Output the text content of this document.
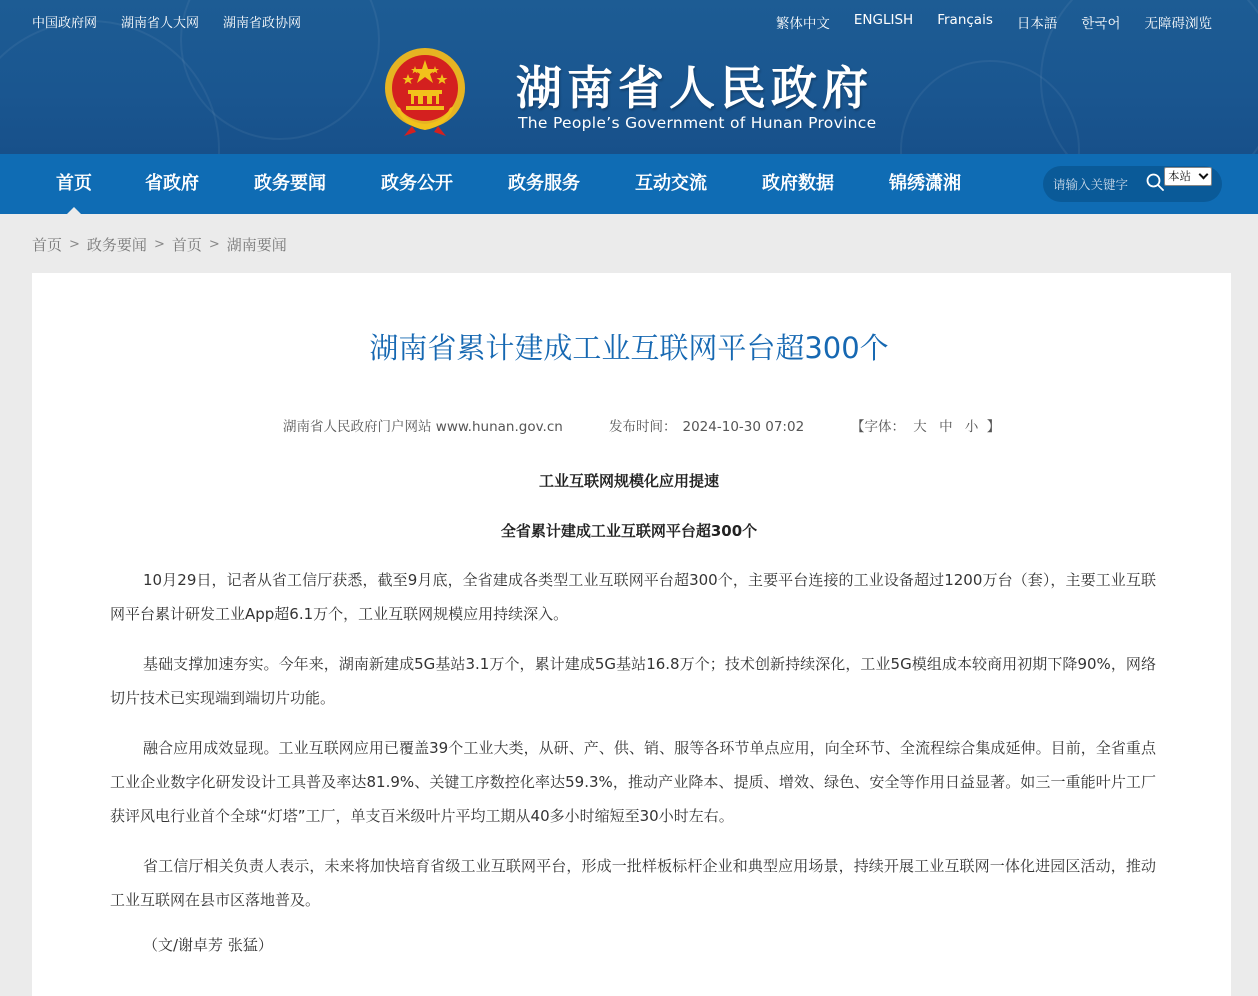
中国政府网 湖南省人大网 湖南省政协网	繁体中文 ENGLISH Français 日本語 한국어 无障碍浏览
湖南省人民政府
The People’s Government of Hunan Province
首页	省政府	政务要闻	政务公开	政务服务	互动交流	政府数据	锦绣潇湘
请输入关键字	本站
首页 > 政务要闻 > 首页 > 湖南要闻
湖南省累计建成工业互联网平台超300个
湖南省人民政府门户网站 www.hunan.gov.cn	发布时间： 2024-10-30 07:02	【字体： 大 中 小 】
工业互联网规模化应用提速
全省累计建成工业互联网平台超300个

10月29日，记者从省工信厅获悉，截至9月底，全省建成各类型工业互联网平台超300个，主要平台连接的工业设备超过1200万台（套），主要工业互联网平台累计研发工业App超6.1万个，工业互联网规模应用持续深入。

基础支撑加速夯实。今年来，湖南新建成5G基站3.1万个，累计建成5G基站16.8万个；技术创新持续深化，工业5G模组成本较商用初期下降90%，网络切片技术已实现端到端切片功能。

融合应用成效显现。工业互联网应用已覆盖39个工业大类，从研、产、供、销、服等各环节单点应用，向全环节、全流程综合集成延伸。目前，全省重点工业企业数字化研发设计工具普及率达81.9%、关键工序数控化率达59.3%，推动产业降本、提质、增效、绿色、安全等作用日益显著。如三一重能叶片工厂获评风电行业首个全球“灯塔”工厂，单支百米级叶片平均工期从40多小时缩短至30小时左右。

省工信厅相关负责人表示，未来将加快培育省级工业互联网平台，形成一批样板标杆企业和典型应用场景，持续开展工业互联网一体化进园区活动，推动工业互联网在县市区落地普及。

（文/谢卓芳 张猛）
